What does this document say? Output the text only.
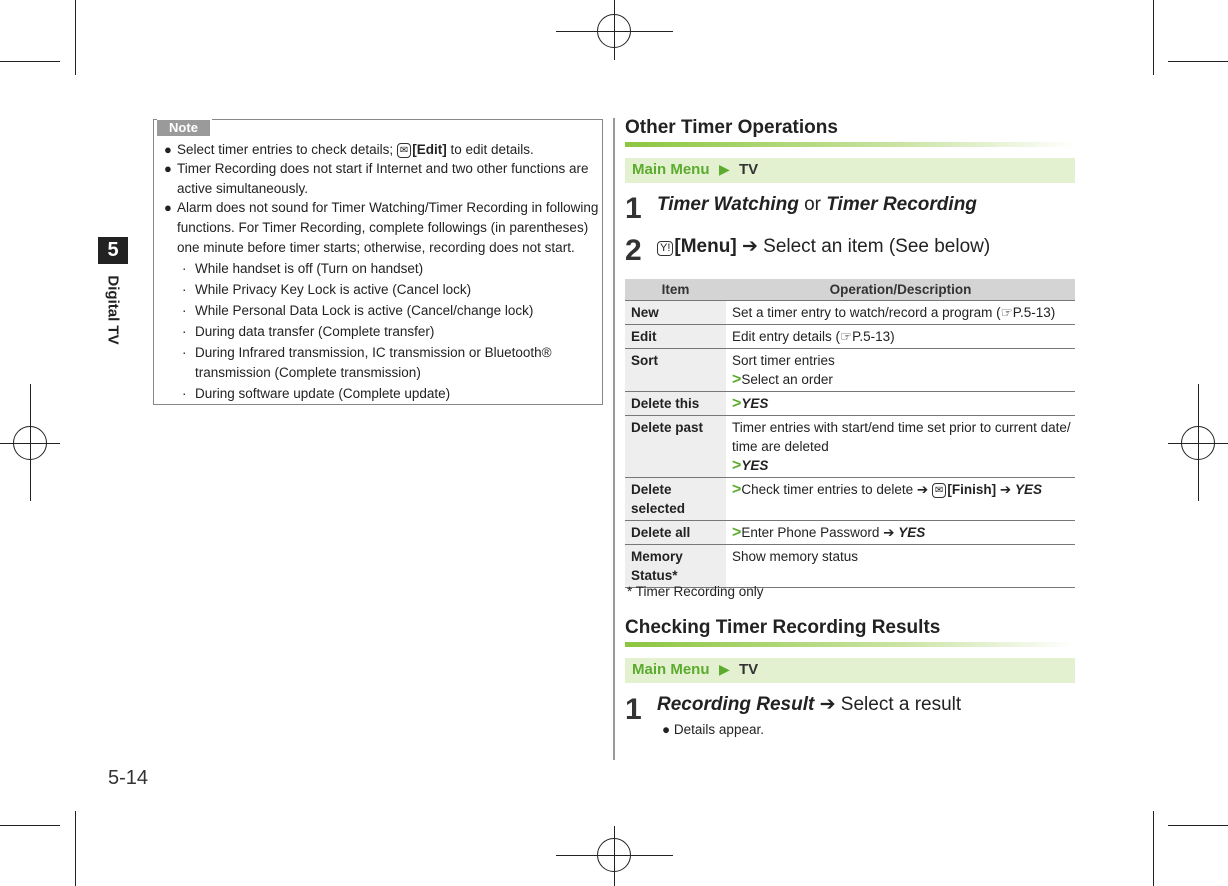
5
Digital TV
5-14
Note
● Select timer entries to check details; ✉ [Edit] to edit details.
● Timer Recording does not start if Internet and two other functions are
active simultaneously.
● Alarm does not sound for Timer Watching/Timer Recording in following
functions. For Timer Recording, complete followings (in parentheses)
one minute before timer starts; otherwise, recording does not start.
· While handset is off (Turn on handset)
· While Privacy Key Lock is active (Cancel lock)
· While Personal Data Lock is active (Cancel/change lock)
· During data transfer (Complete transfer)
· During Infrared transmission, IC transmission or Bluetooth®
transmission (Complete transmission)
· During software update (Complete update)
Other Timer Operations
Main Menu ▶ TV
1 Timer Watching or Timer Recording
2 Y! [Menu] ➔ Select an item (See below)
Item	Operation/Description
New	Set a timer entry to watch/record a program (☞P.5-13)
Edit	Edit entry details (☞P.5-13)
Sort	Sort timer entries
>Select an order

Delete this	>YES
Delete past	Timer entries with start/end time set prior to current date/
time are deleted
>YES

Delete
selected	>Check timer entries to delete ➔ ✉ [Finish] ➔ YES
Delete all	>Enter Phone Password ➔ YES

Memory
Status*	Show memory status
* Timer Recording only
Checking Timer Recording Results
Main Menu ▶ TV
1 Recording Result ➔ Select a result
● Details appear.
